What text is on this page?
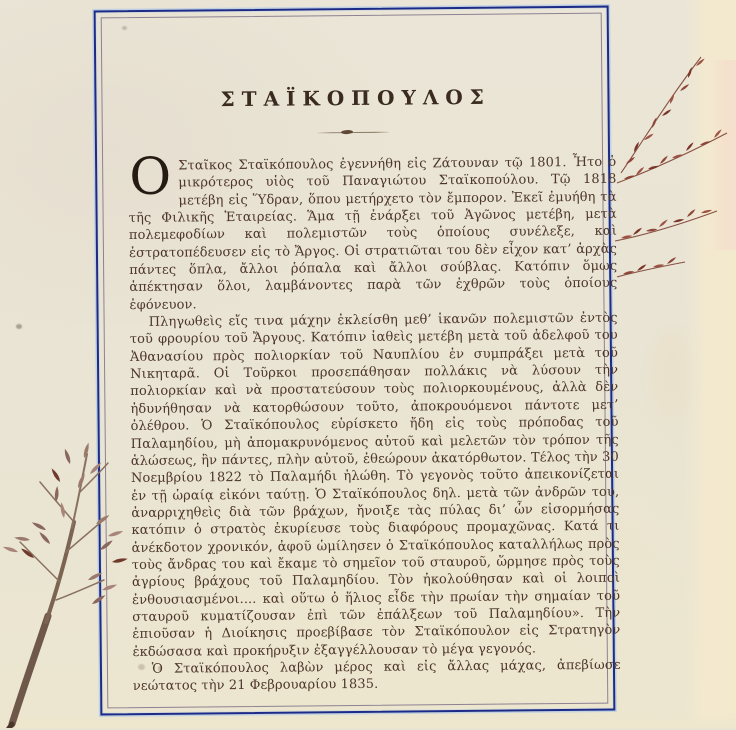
ΣΤΑΪΚΟΠΟΥΛΟΣ

Ο Σταῖκος Σταϊκόπουλος ἐγεννήθη εἰς Ζάτουναν τῷ 1801. Ἦτο ὁ μικρότερος υἱὸς τοῦ Παναγιώτου Σταϊκοπούλου. Τῷ 1818 μετέβη εἰς Ὕδραν, ὅπου μετήρχετο τὸν ἔμπορον. Ἐκεῖ ἐμυήθη τὰ τῆς Φιλικῆς Ἑταιρείας. Ἅμα τῇ ἐνάρξει τοῦ Ἀγῶνος μετέβη, μετὰ πολεμεφοδίων καὶ πολεμιστῶν τοὺς ὁποίους συνέλεξε, καὶ ἐστρατοπέδευσεν εἰς τὸ Ἄργος. Οἱ στρατιῶται του δὲν εἶχον κατ’ ἀρχὰς πάντες ὅπλα, ἄλλοι ῥόπαλα καὶ ἄλλοι σούβλας. Κατόπιν ὅμως ἀπέκτησαν ὅλοι, λαμβάνοντες παρὰ τῶν ἐχθρῶν τοὺς ὁποίους ἐφόνευον.

Πληγωθεὶς εἴς τινα μάχην ἐκλείσθη μεθ’ ἱκανῶν πολεμιστῶν ἐντὸς τοῦ φρουρίου τοῦ Ἄργους. Κατόπιν ἰαθεὶς μετέβη μετὰ τοῦ ἀδελφοῦ του Ἀθανασίου πρὸς πολιορκίαν τοῦ Ναυπλίου ἐν συμπράξει μετὰ τοῦ Νικηταρᾶ. Οἱ Τοῦρκοι προσεπάθησαν πολλάκις νὰ λύσουν τὴν πολιορκίαν καὶ νὰ προστατεύσουν τοὺς πολιορκουμένους, ἀλλὰ δὲν ἠδυνήθησαν νὰ κατορθώσουν τοῦτο, ἀποκρουόμενοι πάντοτε μετ’ ὀλέθρου. Ὁ Σταϊκόπουλος εὑρίσκετο ἤδη εἰς τοὺς πρόποδας τοῦ Παλαμηδίου, μὴ ἀπομακρυνόμενος αὐτοῦ καὶ μελετῶν τὸν τρόπον τῆς ἁλώσεως, ἣν πάντες, πλὴν αὐτοῦ, ἐθεώρουν ἀκατόρθωτον. Τέλος τὴν 30 Νοεμβρίου 1822 τὸ Παλαμήδι ἡλώθη. Τὸ γεγονὸς τοῦτο ἀπεικονίζεται ἐν τῇ ὡραίᾳ εἰκόνι ταύτῃ. Ὁ Σταϊκόπουλος δηλ. μετὰ τῶν ἀνδρῶν του, ἀναρριχηθεὶς διὰ τῶν βράχων, ἤνοιξε τὰς πύλας δι’ ὧν εἰσορμήσας κατόπιν ὁ στρατὸς ἐκυρίευσε τοὺς διαφόρους προμαχῶνας. Κατά τι ἀνέκδοτον χρονικόν, ἀφοῦ ὡμίλησεν ὁ Σταϊκόπουλος καταλλήλως πρὸς τοὺς ἄνδρας του καὶ ἔκαμε τὸ σημεῖον τοῦ σταυροῦ, ὥρμησε πρὸς τοὺς ἀγρίους βράχους τοῦ Παλαμηδίου. Τὸν ἠκολούθησαν καὶ οἱ λοιποὶ ἐνθουσιασμένοι.... καὶ οὕτω ὁ ἥλιος εἶδε τὴν πρωίαν τὴν σημαίαν τοῦ σταυροῦ κυματίζουσαν ἐπὶ τῶν ἐπάλξεων τοῦ Παλαμηδίου». Τὴν ἐπιοῦσαν ἡ Διοίκησις προεβίβασε τὸν Σταϊκόπουλον εἰς Στρατηγὸν ἐκδώσασα καὶ προκήρυξιν ἐξαγγέλλουσαν τὸ μέγα γεγονός.

Ὁ Σταϊκόπουλος λαβὼν μέρος καὶ εἰς ἄλλας μάχας, ἀπεβίωσε νεώτατος τὴν 21 Φεβρουαρίου 1835.
